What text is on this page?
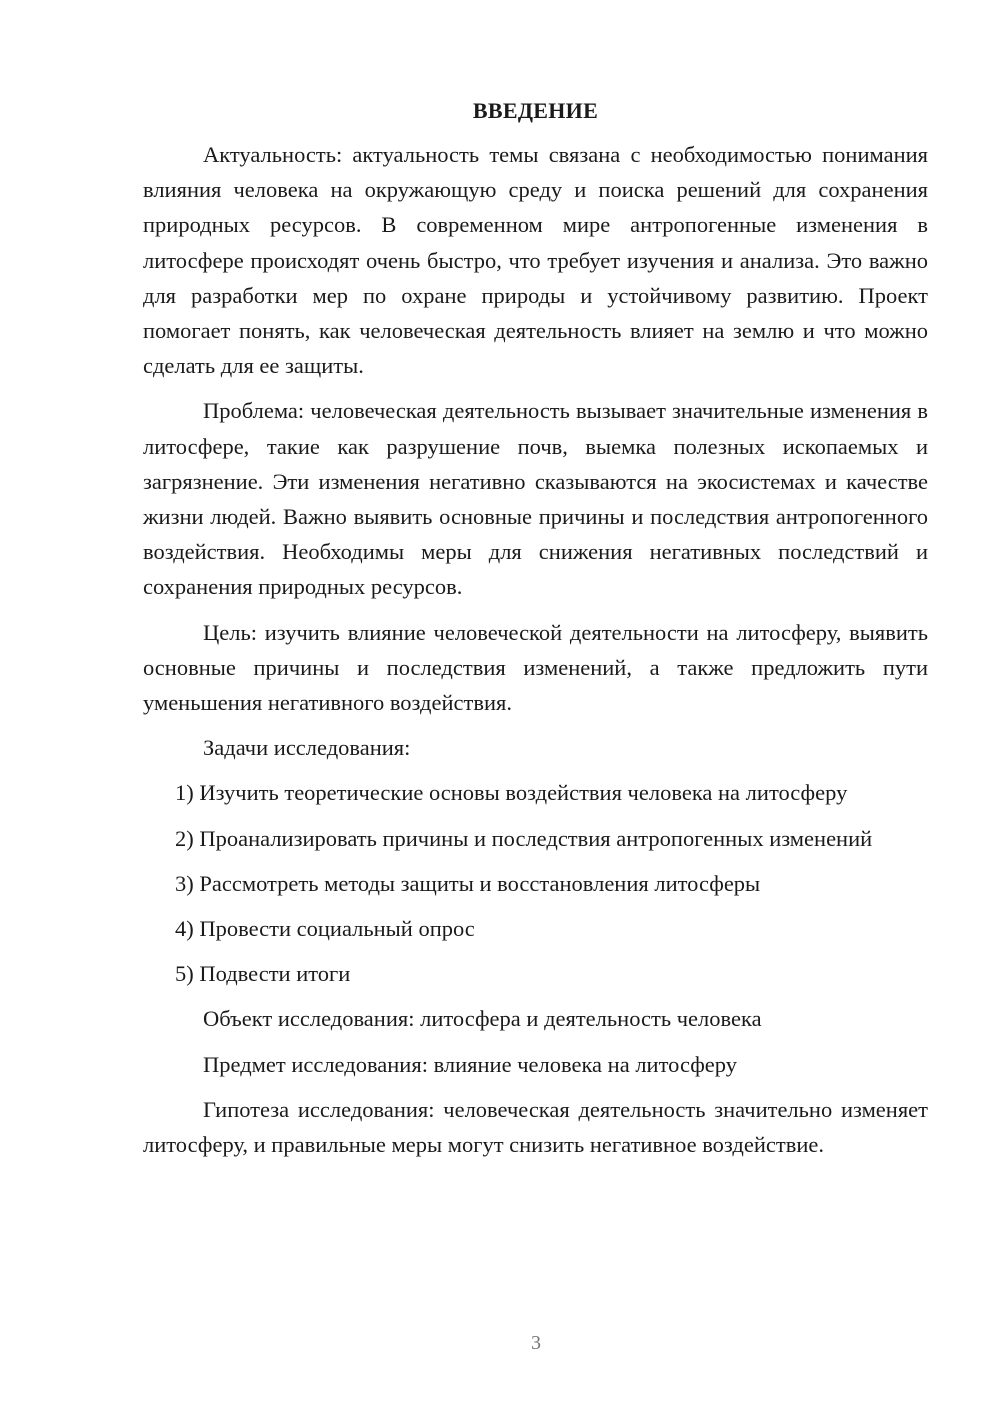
ВВЕДЕНИЕ

Актуальность: актуальность темы связана с необходимостью понимания влияния человека на окружающую среду и поиска решений для сохранения природных ресурсов. В современном мире антропогенные изменения в литосфере происходят очень быстро, что требует изучения и анализа. Это важно для разработки мер по охране природы и устойчивому развитию. Проект помогает понять, как человеческая деятельность влияет на землю и что можно сделать для ее защиты.

Проблема: человеческая деятельность вызывает значительные изменения в литосфере, такие как разрушение почв, выемка полезных ископаемых и загрязнение. Эти изменения негативно сказываются на экосистемах и качестве жизни людей. Важно выявить основные причины и последствия антропогенного воздействия. Необходимы меры для снижения негативных последствий и сохранения природных ресурсов.

Цель: изучить влияние человеческой деятельности на литосферу, выявить основные причины и последствия изменений, а также предложить пути уменьшения негативного воздействия.

Задачи исследования:

1) Изучить теоретические основы воздействия человека на литосферу

2) Проанализировать причины и последствия антропогенных изменений

3) Рассмотреть методы защиты и восстановления литосферы

4) Провести социальный опрос

5) Подвести итоги

Объект исследования: литосфера и деятельность человека

Предмет исследования: влияние человека на литосферу

Гипотеза исследования: человеческая деятельность значительно изменяет литосферу, и правильные меры могут снизить негативное воздействие.

3
